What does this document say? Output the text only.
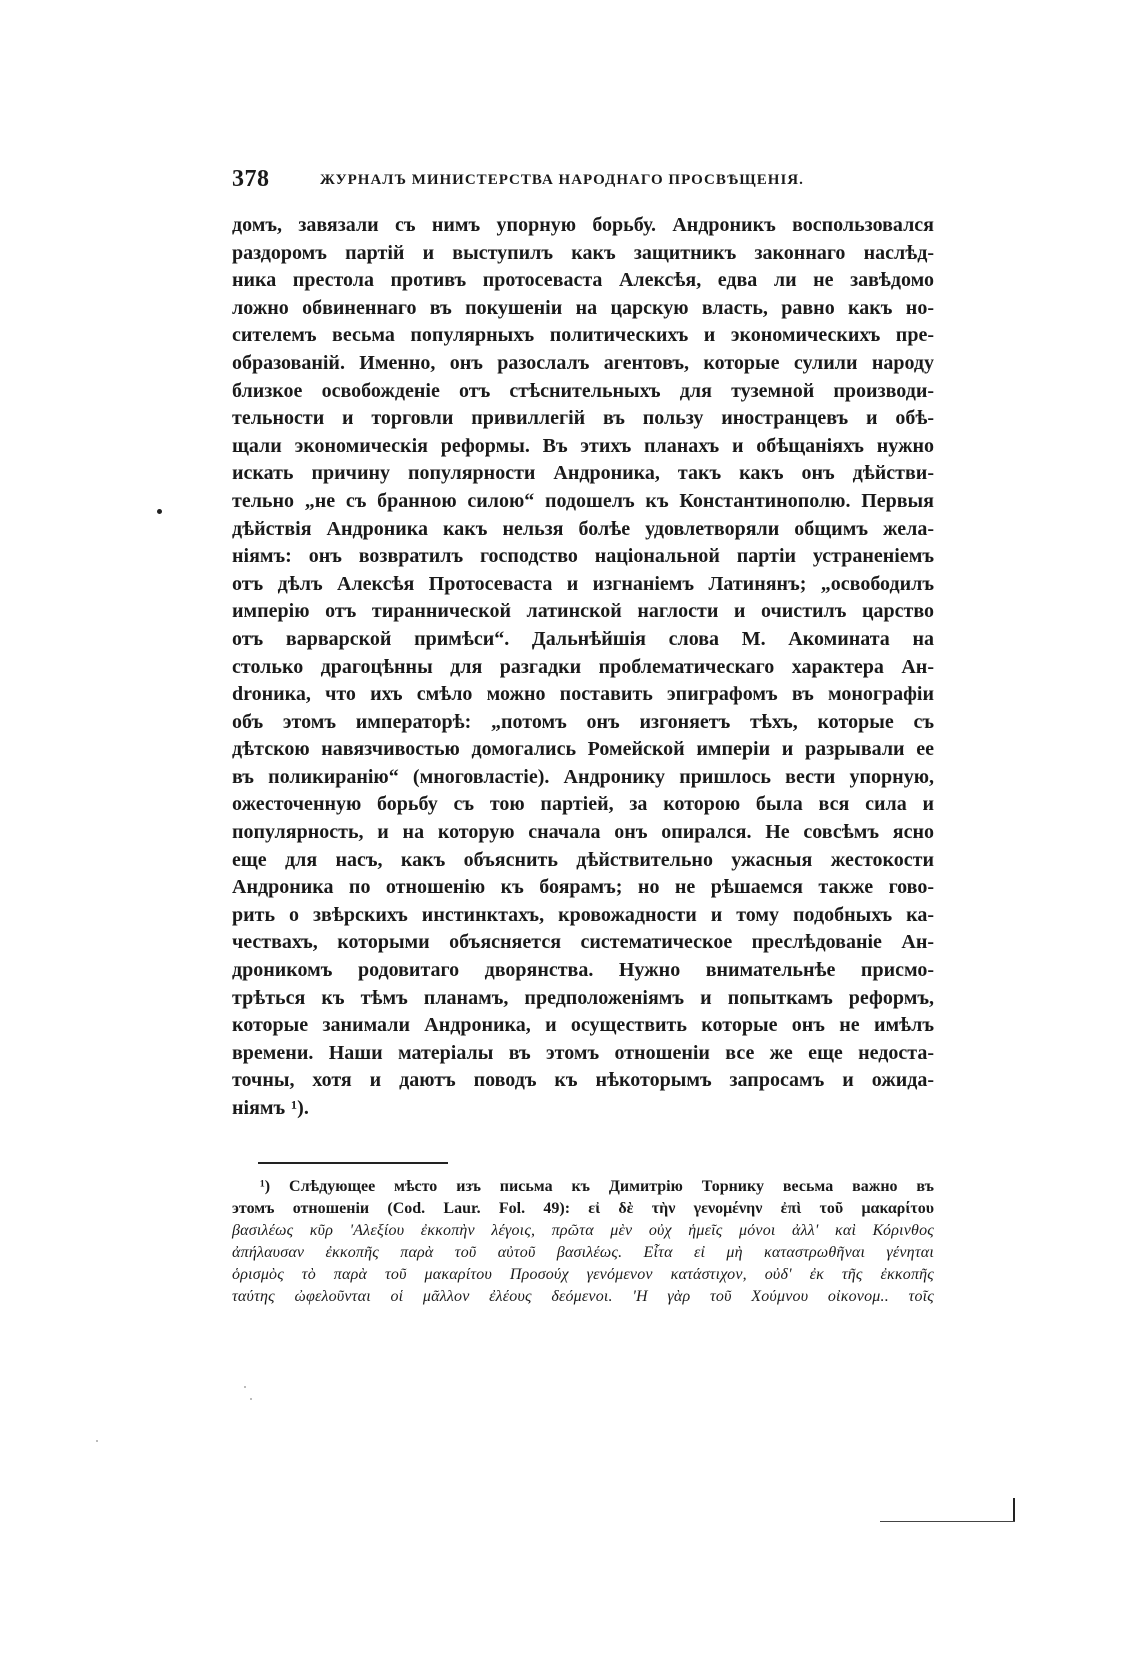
378	ЖУРНАЛЪ МИНИСТЕРСТВА НАРОДНАГО ПРОСВѢЩЕНІЯ.
домъ, завязали съ нимъ упорную борьбу. Андроникъ воспользовался
раздоромъ партій и выступилъ какъ защитникъ законнаго наслѣд-
ника престола противъ протосеваста Алексѣя, едва ли не завѣдомо
ложно обвиненнаго въ покушеніи на царскую власть, равно какъ но-
сителемъ весьма популярныхъ политическихъ и экономическихъ пре-
образованій. Именно, онъ разослалъ агентовъ, которые сулили народу
близкое освобожденіе отъ стѣснительныхъ для туземной производи-
тельности и торговли привиллегій въ пользу иностранцевъ и обѣ-
щали экономическія реформы. Въ этихъ планахъ и обѣщаніяхъ нужно
искать причину популярности Андроника, такъ какъ онъ дѣйстви-
тельно „не съ бранною силою“ подошелъ къ Константинополю. Первыя
дѣйствія Андроника какъ нельзя болѣе удовлетворяли общимъ жела-
ніямъ: онъ возвратилъ господство національной партіи устраненіемъ
отъ дѣлъ Алексѣя Протосеваста и изгнаніемъ Латинянъ; „освободилъ
имперію отъ тираннической латинской наглости и очистилъ царство
отъ варварской примѣси“. Дальнѣйшія слова М. Акомината на
столько драгоцѣнны для разгадки проблематическаго характера Ан-
droника, что ихъ смѣло можно поставить эпиграфомъ въ монографіи
объ этомъ императорѣ: „потомъ онъ изгоняетъ тѣхъ, которые съ
дѣтскою навязчивостью домогались Ромейской имперіи и разрывали ее
въ поликиранію“ (многовластіе). Андронику пришлось вести упорную,
ожесточенную борьбу съ тою партіей, за которою была вся сила и
популярность, и на которую сначала онъ опирался. Не совсѣмъ ясно
еще для насъ, какъ объяснить дѣйствительно ужасныя жестокости
Андроника по отношенію къ боярамъ; но не рѣшаемся также гово-
рить о звѣрскихъ инстинктахъ, кровожадности и тому подобныхъ ка-
чествахъ, которыми объясняется систематическое преслѣдованіе Ан-
дроникомъ родовитаго дворянства. Нужно внимательнѣе присмо-
трѣться къ тѣмъ планамъ, предположеніямъ и попыткамъ реформъ,
которые занимали Андроника, и осуществить которые онъ не имѣлъ
времени. Наши матеріалы въ этомъ отношеніи все же еще недоста-
точны, хотя и даютъ поводъ къ нѣкоторымъ запросамъ и ожида-
ніямъ ¹).
¹) Слѣдующее мѣсто изъ письма къ Димитрію Торнику весьма важно въ
этомъ отношеніи (Cod. Laur. Fol. 49): εἰ δὲ τὴν γενομένην ἐπὶ τοῦ μακαρίτου
βασιλέως κῦρ 'Αλεξίου ἐκκοπὴν λέγοις, πρῶτα μὲν οὐχ ἡμεῖς μόνοι ἀλλ' καὶ Κόρινθος
ἀπήλαυσαν ἐκκοπῆς παρὰ τοῦ αὐτοῦ βασιλέως. Εἶτα εἰ μὴ καταστρωθῆναι γένηται
ὁρισμὸς τὸ παρὰ τοῦ μακαρίτου Προσούχ γενόμενον κατάστιχον, οὐδ' ἐκ τῆς ἐκκοπῆς
ταύτης ὠφελοῦνται οἱ μᾶλλον ἐλέους δεόμενοι. 'Η γὰρ τοῦ Χούμνου οἰκονομ.. τοῖς
